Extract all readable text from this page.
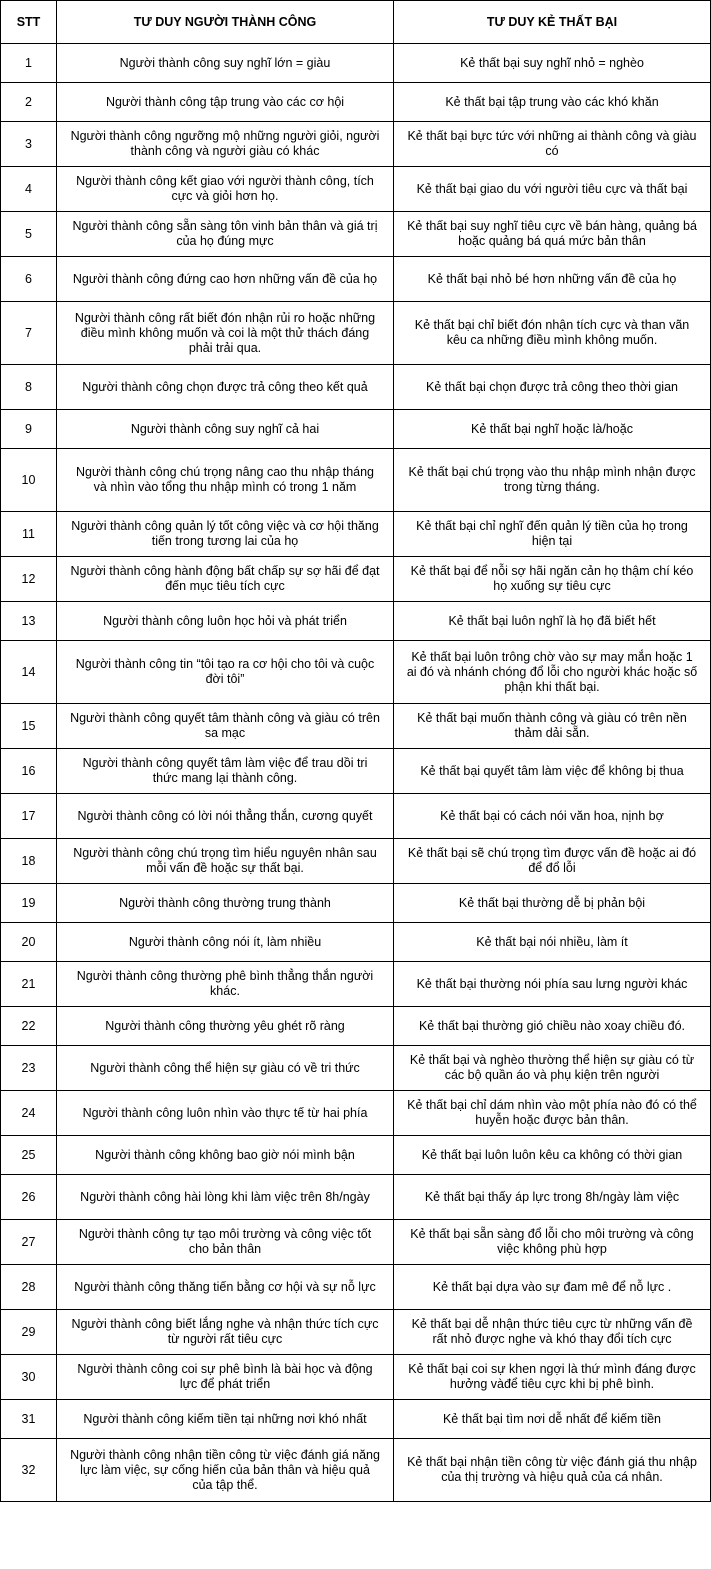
STT	TƯ DUY NGƯỜI THÀNH CÔNG	TƯ DUY KẺ THẤT BẠI
1	Người thành công suy nghĩ lớn = giàu	Kẻ thất bại suy nghĩ nhỏ = nghèo
2	Người thành công tập trung vào các cơ hội	Kẻ thất bại tập trung vào các khó khăn
3	Người thành công ngưỡng mộ những người giỏi, người thành công và người giàu có khác	Kẻ thất bại bực tức với những ai thành công và giàu có
4	Người thành công kết giao với người thành công, tích cực và giỏi hơn họ.	Kẻ thất bại giao du với người tiêu cực và thất bại
5	Người thành công sẵn sàng tôn vinh bản thân và giá trị của họ đúng mực	Kẻ thất bại suy nghĩ tiêu cực về bán hàng, quảng bá hoặc quảng bá quá mức bản thân
6	Người thành công đứng cao hơn những vấn đề của họ	Kẻ thất bại nhỏ bé hơn những vấn đề của họ
7	Người thành công rất biết đón nhận rủi ro hoặc những điều mình không muốn và coi là một thử thách đáng phải trải qua.	Kẻ thất bại chỉ biết đón nhận tích cực và than vãn kêu ca những điều mình không muốn.
8	Người thành công chọn được trả công theo kết quả	Kẻ thất bại chọn được trả công theo thời gian
9	Người thành công suy nghĩ cả hai	Kẻ thất bại nghĩ hoặc là/hoặc
10	Người thành công chú trọng nâng cao thu nhập tháng và nhìn vào tổng thu nhập mình có trong 1 năm	Kẻ thất bại chú trọng vào thu nhập mình nhận được trong từng tháng.
11	Người thành công quản lý tốt công việc và cơ hội thăng tiến trong tương lai của họ	Kẻ thất bại chỉ nghĩ đến quản lý tiền của họ trong hiện tại
12	Người thành công hành động bất chấp sự sợ hãi để đạt đến mục tiêu tích cực	Kẻ thất bại để nỗi sợ hãi ngăn cản họ thậm chí kéo họ xuống sự tiêu cực
13	Người thành công luôn học hỏi và phát triển	Kẻ thất bại luôn nghĩ là họ đã biết hết
14	Người thành công tin “tôi tạo ra cơ hội cho tôi và cuộc đời tôi”	Kẻ thất bại luôn trông chờ vào sự may mắn hoặc 1 ai đó và nhánh chóng đổ lỗi cho người khác hoặc số phận khi thất bại.
15	Người thành công quyết tâm thành công và giàu có trên sa mạc	Kẻ thất bại muốn thành công và giàu có trên nền thảm dải sẵn.
16	Người thành công quyết tâm làm việc để trau dồi tri thức mang lại thành công.	Kẻ thất bại quyết tâm làm việc để không bị thua
17	Người thành công có lời nói thẳng thắn, cương quyết	Kẻ thất bại có cách nói văn hoa, nịnh bợ
18	Người thành công chú trọng tìm hiểu nguyên nhân sau mỗi vấn đề hoặc sự thất bại.	Kẻ thất bại sẽ chú trọng tìm được vấn đề hoặc ai đó để đổ lỗi
19	Người thành công thường trung thành	Kẻ thất bại thường dễ bị phản bội
20	Người thành công nói ít, làm nhiều	Kẻ thất bại nói nhiều, làm ít
21	Người thành công thường phê bình thẳng thắn người khác.	Kẻ thất bại thường nói phía sau lưng người khác
22	Người thành công thường yêu ghét rõ ràng	Kẻ thất bại thường gió chiều nào xoay chiều đó.
23	Người thành công thể hiện sự giàu có về tri thức	Kẻ thất bại và nghèo thường thể hiện sự giàu có từ các bộ quần áo và phụ kiện trên người
24	Người thành công luôn nhìn vào thực tế từ hai phía	Kẻ thất bại chỉ dám nhìn vào một phía nào đó có thể huyễn hoặc được bản thân.
25	Người thành công không bao giờ nói mình bận	Kẻ thất bại luôn luôn kêu ca không có thời gian
26	Người thành công hài lòng khi làm việc trên 8h/ngày	Kẻ thất bại thấy áp lực trong 8h/ngày làm việc
27	Người thành công tự tạo môi trường và công việc tốt cho bản thân	Kẻ thất bại sẵn sàng đổ lỗi cho môi trường và công việc không phù hợp
28	Người thành công thăng tiến bằng cơ hội và sự nỗ lực	Kẻ thất bại dựa vào sự đam mê để nỗ lực .
29	Người thành công biết lắng nghe và nhận thức tích cực từ người rất tiêu cực	Kẻ thất bại dễ nhận thức tiêu cực từ những vấn đề rất nhỏ được nghe và khó thay đổi tích cực
30	Người thành công coi sự phê bình là bài học và động lực để phát triển	Kẻ thất bại coi sự khen ngợi là thứ mình đáng được hưởng vàđể tiêu cực khi bị phê bình.
31	Người thành công kiếm tiền tại những nơi khó nhất	Kẻ thất bại tìm nơi dễ nhất để kiếm tiền
32	Người thành công nhận tiền công từ việc đánh giá năng lực làm việc, sự cống hiến của bản thân và hiệu quả của tập thể.	Kẻ thất bại nhận tiền công từ việc đánh giá thu nhập của thị trường và hiệu quả của cá nhân.
